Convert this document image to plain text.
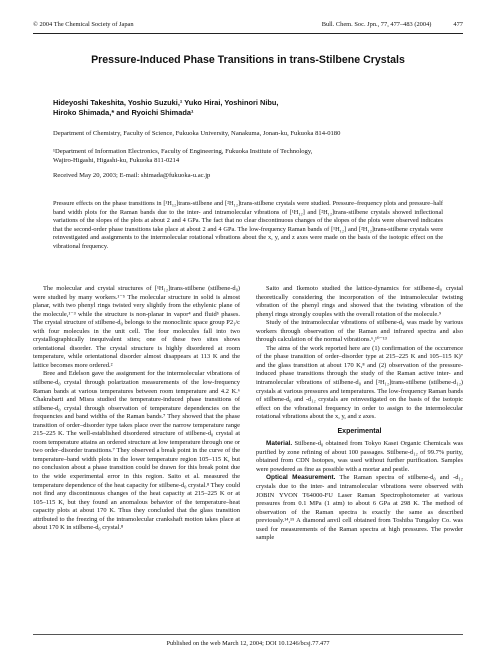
© 2004 The Chemical Society of Japan	Bull. Chem. Soc. Jpn., 77, 477–483 (2004)	477
Pressure-Induced Phase Transitions in trans-Stilbene Crystals
Hideyoshi Takeshita, Yoshio Suzuki,¹ Yuko Hirai, Yoshinori Nibu,
Hiroko Shimada,* and Ryoichi Shimada¹
Department of Chemistry, Faculty of Science, Fukuoka University, Nanakuma, Jonan-ku, Fukuoka 814-0180
¹Department of Information Electronics, Faculty of Engineering, Fukuoka Institute of Technology,
Wajiro-Higashi, Higashi-ku, Fukuoka 811-0214
Received May 20, 2003; E-mail: shimada@fukuoka-u.ac.jp
Pressure effects on the phase transitions in [¹H₁₂]trans-stilbene and [²H₁₂]trans-stilbene crystals were studied. Pressure–frequency plots and pressure–half band width plots for the Raman bands due to the inter- and intramolecular vibrations of [¹H₁₂] and [²H₁₂]trans-stilbene crystals showed inflectional variations of the slopes of the plots at about 2 and 4 GPa. The fact that no clear discontinuous changes of the slopes of the plots were observed indicates that the second-order phase transitions take place at about 2 and 4 GPa. The low-frequency Raman bands of [¹H₁₂] and [²H₁₂]trans-stilbene crystals were reinvestigated and assignments to the intermolecular rotational vibrations about the x, y, and z axes were made on the basis of the isotopic effect on the vibrational frequency.

The molecular and crystal structures of [¹H₁₂]trans-stilbene (stilbene-d₀) were studied by many workers.¹⁻⁵ The molecular structure in solid is almost planar, with two phenyl rings twisted very slightly from the ethylenic plane of the molecule,¹⁻³ while the structure is non-planar in vapor⁴ and fluid⁵ phases. The crystal structure of stilbene-d₀ belongs to the monoclinic space group P2₁/c with four molecules in the unit cell. The four molecules fall into two crystallographically inequivalent sites; one of these two sites shows orientational disorder. The crystal structure is highly disordered at room temperature, while orientational disorder almost disappears at 113 K and the lattice becomes more ordered.²

Bree and Edelson gave the assignment for the intermolecular vibrations of stilbene-d₀ crystal through polarization measurements of the low-frequency Raman bands at various temperatures between room temperature and 4.2 K.⁶ Chakrabarti and Misra studied the temperature-induced phase transitions of stilbene-d₀ crystal through observation of temperature dependencies on the frequencies and band widths of the Raman bands.⁷ They showed that the phase transition of order–disorder type takes place over the narrow temperature range 215–225 K. The well-established disordered structure of stilbene-d₀ crystal at room temperature attains an ordered structure at low temperature through one or two order–disorder transitions.⁷ They observed a break point in the curve of the temperature–band width plots in the lower temperature region 105–115 K, but no conclusion about a phase transition could be drawn for this break point due to the wide experimental error in this region. Saito et al. measured the temperature dependence of the heat capacity for stilbene-d₀ crystal.⁸ They could not find any discontinuous changes of the heat capacity at 215–225 K or at 105–115 K, but they found an anomalous behavior of the temperature–heat capacity plots at about 170 K. Thus they concluded that the glass transition attributed to the freezing of the intramolecular crankshaft motion takes place at about 170 K in stilbene-d₀ crystal.⁸

Saito and Ikemoto studied the lattice-dynamics for stilbene-d₀ crystal theoretically considering the incorporation of the intramolecular twisting vibration of the phenyl rings and showed that the twisting vibration of the phenyl rings strongly couples with the overall rotation of the molecule.⁹

Study of the intramolecular vibrations of stilbene-d₀ was made by various workers through observation of the Raman and infrared spectra and also through calculation of the normal vibrations.⁶,¹⁰⁻¹³

The aims of the work reported here are (1) confirmation of the occurrence of the phase transition of order–disorder type at 215–225 K and 105–115 K)⁷ and the glass transition at about 170 K,⁸ and (2) observation of the pressure-induced phase transitions through the study of the Raman active inter- and intramolecular vibrations of stilbene-d₀ and [²H₁₂]trans-stilbene (stilbene-d₁₂) crystals at various pressures and temperatures. The low-frequency Raman bands of stilbene-d₀ and -d₁₂ crystals are reinvestigated on the basis of the isotopic effect on the vibrational frequency in order to assign to the intermolecular rotational vibrations about the x, y, and z axes.

Experimental

Material. Stilbene-d₀ obtained from Tokyo Kasei Organic Chemicals was purified by zone refining of about 100 passages. Stilbene-d₁₂ of 99.7% purity, obtained from CDN Isotopes, was used without further purification. Samples were powdered as fine as possible with a mortar and pestle.

Optical Measurement. The Raman spectra of stilbene-d₀ and -d₁₂ crystals due to the inter- and intramolecular vibrations were observed with JOBIN YVON T64000-FU Laser Raman Spectrophotometer at various pressures from 0.1 MPa (1 atm) to about 6 GPa at 298 K. The method of observation of the Raman spectra is exactly the same as described previously.¹⁴,¹⁵ A diamond anvil cell obtained from Toshiba Tungaloy Co. was used for measurements of the Raman spectra at high pressures. The powder sample

Published on the web March 12, 2004; DOI 10.1246/bcsj.77.477
